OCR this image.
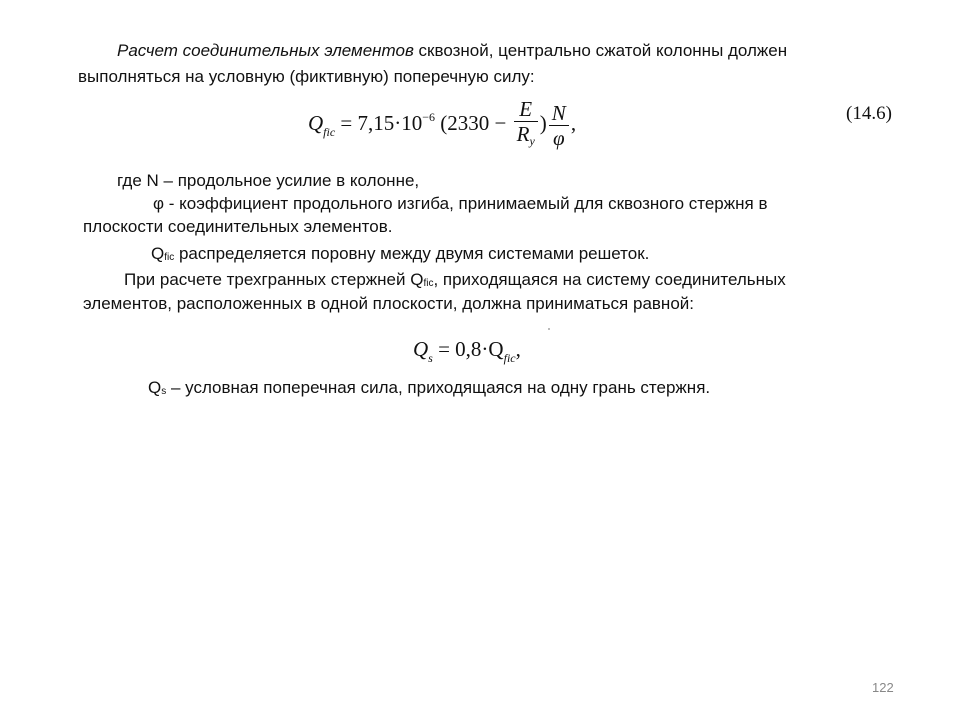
Расчет соединительных элементов сквозной, центрально сжатой колонны должен
выполняться на условную (фиктивную) поперечную силу:
$Q_{fic} = 7,15\cdot 10^{-6}$ ($2330 - \frac{E}{R_y}$ ) $\frac{N}{\varphi}$ ,	(14.6)
где N – продольное усилие в колонне,
φ - коэффициент продольного изгиба, принимаемый для сквозного стержня в
плоскости соединительных элементов.
Qfic распределяется поровну между двумя системами решеток.
При расчете трехгранных стержней Qfic, приходящаяся на систему соединительных
элементов, расположенных в одной плоскости, должна приниматься равной:
$Q_s = 0,8\cdot Q_{fic}$,
Qs – условная поперечная сила, приходящаяся на одну грань стержня.
122
